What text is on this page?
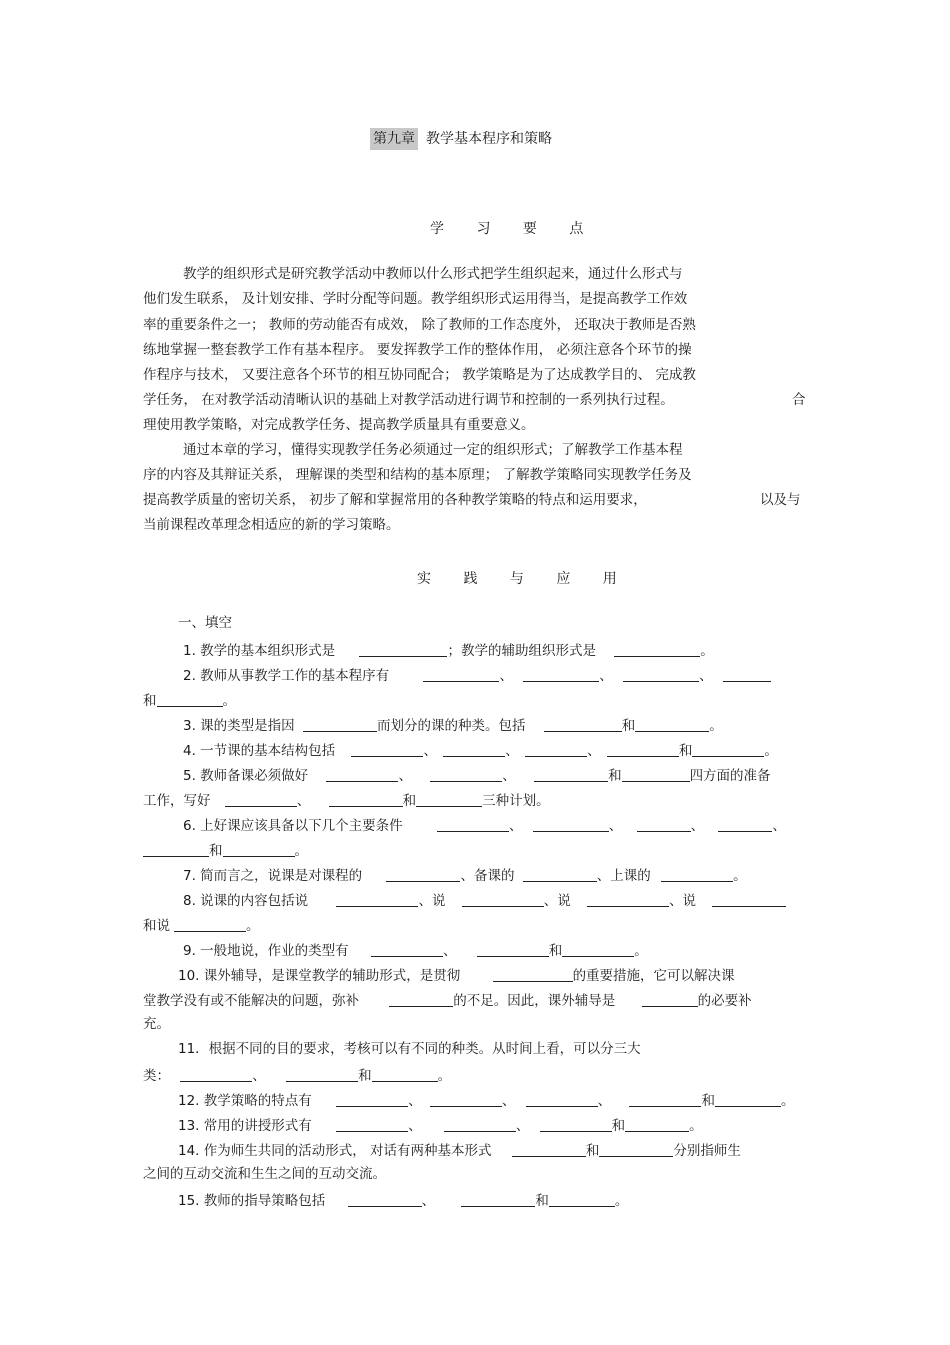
第九章 教学基本程序和策略
学 习 要 点
教学的组织形式是研究教学活动中教师以什么形式把学生组织起来，通过什么形式与
他们发生联系， 及计划安排、学时分配等问题。教学组织形式运用得当，是提高教学工作效
率的重要条件之一； 教师的劳动能否有成效， 除了教师的工作态度外， 还取决于教师是否熟
练地掌握一整套教学工作有基本程序。 要发挥教学工作的整体作用， 必须注意各个环节的操
作程序与技术， 又要注意各个环节的相互协同配合； 教学策略是为了达成教学目的、 完成教
学任务， 在对教学活动清晰认识的基础上对教学活动进行调节和控制的一系列执行过程。	合
理使用教学策略，对完成教学任务、提高教学质量具有重要意义。
通过本章的学习，懂得实现教学任务必须通过一定的组织形式；了解教学工作基本程
序的内容及其辩证关系， 理解课的类型和结构的基本原理； 了解教学策略同实现教学任务及
提高教学质量的密切关系， 初步了解和掌握常用的各种教学策略的特点和运用要求，	以及与
当前课程改革理念相适应的新的学习策略。
实 践 与 应 用
一、填空
1. 教学的基本组织形式是	；教学的辅助组织形式是	。
2. 教师从事教学工作的基本程序有	、	、	、
和	。
3. 课的类型是指因	而划分的课的种类。包括	和	。
4. 一节课的基本结构包括	、	、	、	和	。
5. 教师备课必须做好	、	、	和	四方面的准备
工作，写好	、	和	三种计划。
6. 上好课应该具备以下几个主要条件	、	、	、	、
和	。
7. 简而言之，说课是对课程的	、备课的	、上课的	。
8. 说课的内容包括说	、说	、说	、说
和说	。
9. 一般地说，作业的类型有	、	和	。
10. 课外辅导，是课堂教学的辅助形式，是贯彻	的重要措施，它可以解决课
堂教学没有或不能解决的问题，弥补	的不足。因此，课外辅导是	的必要补
充。
11．根据不同的目的要求，考核可以有不同的种类。从时间上看，可以分三大
类：	、	和	。
12. 教学策略的特点有	、	、	、	和	。
13. 常用的讲授形式有	、	、	和	。
14. 作为师生共同的活动形式， 对话有两种基本形式	和	分别指师生
之间的互动交流和生生之间的互动交流。
15. 教师的指导策略包括	、	和	。
